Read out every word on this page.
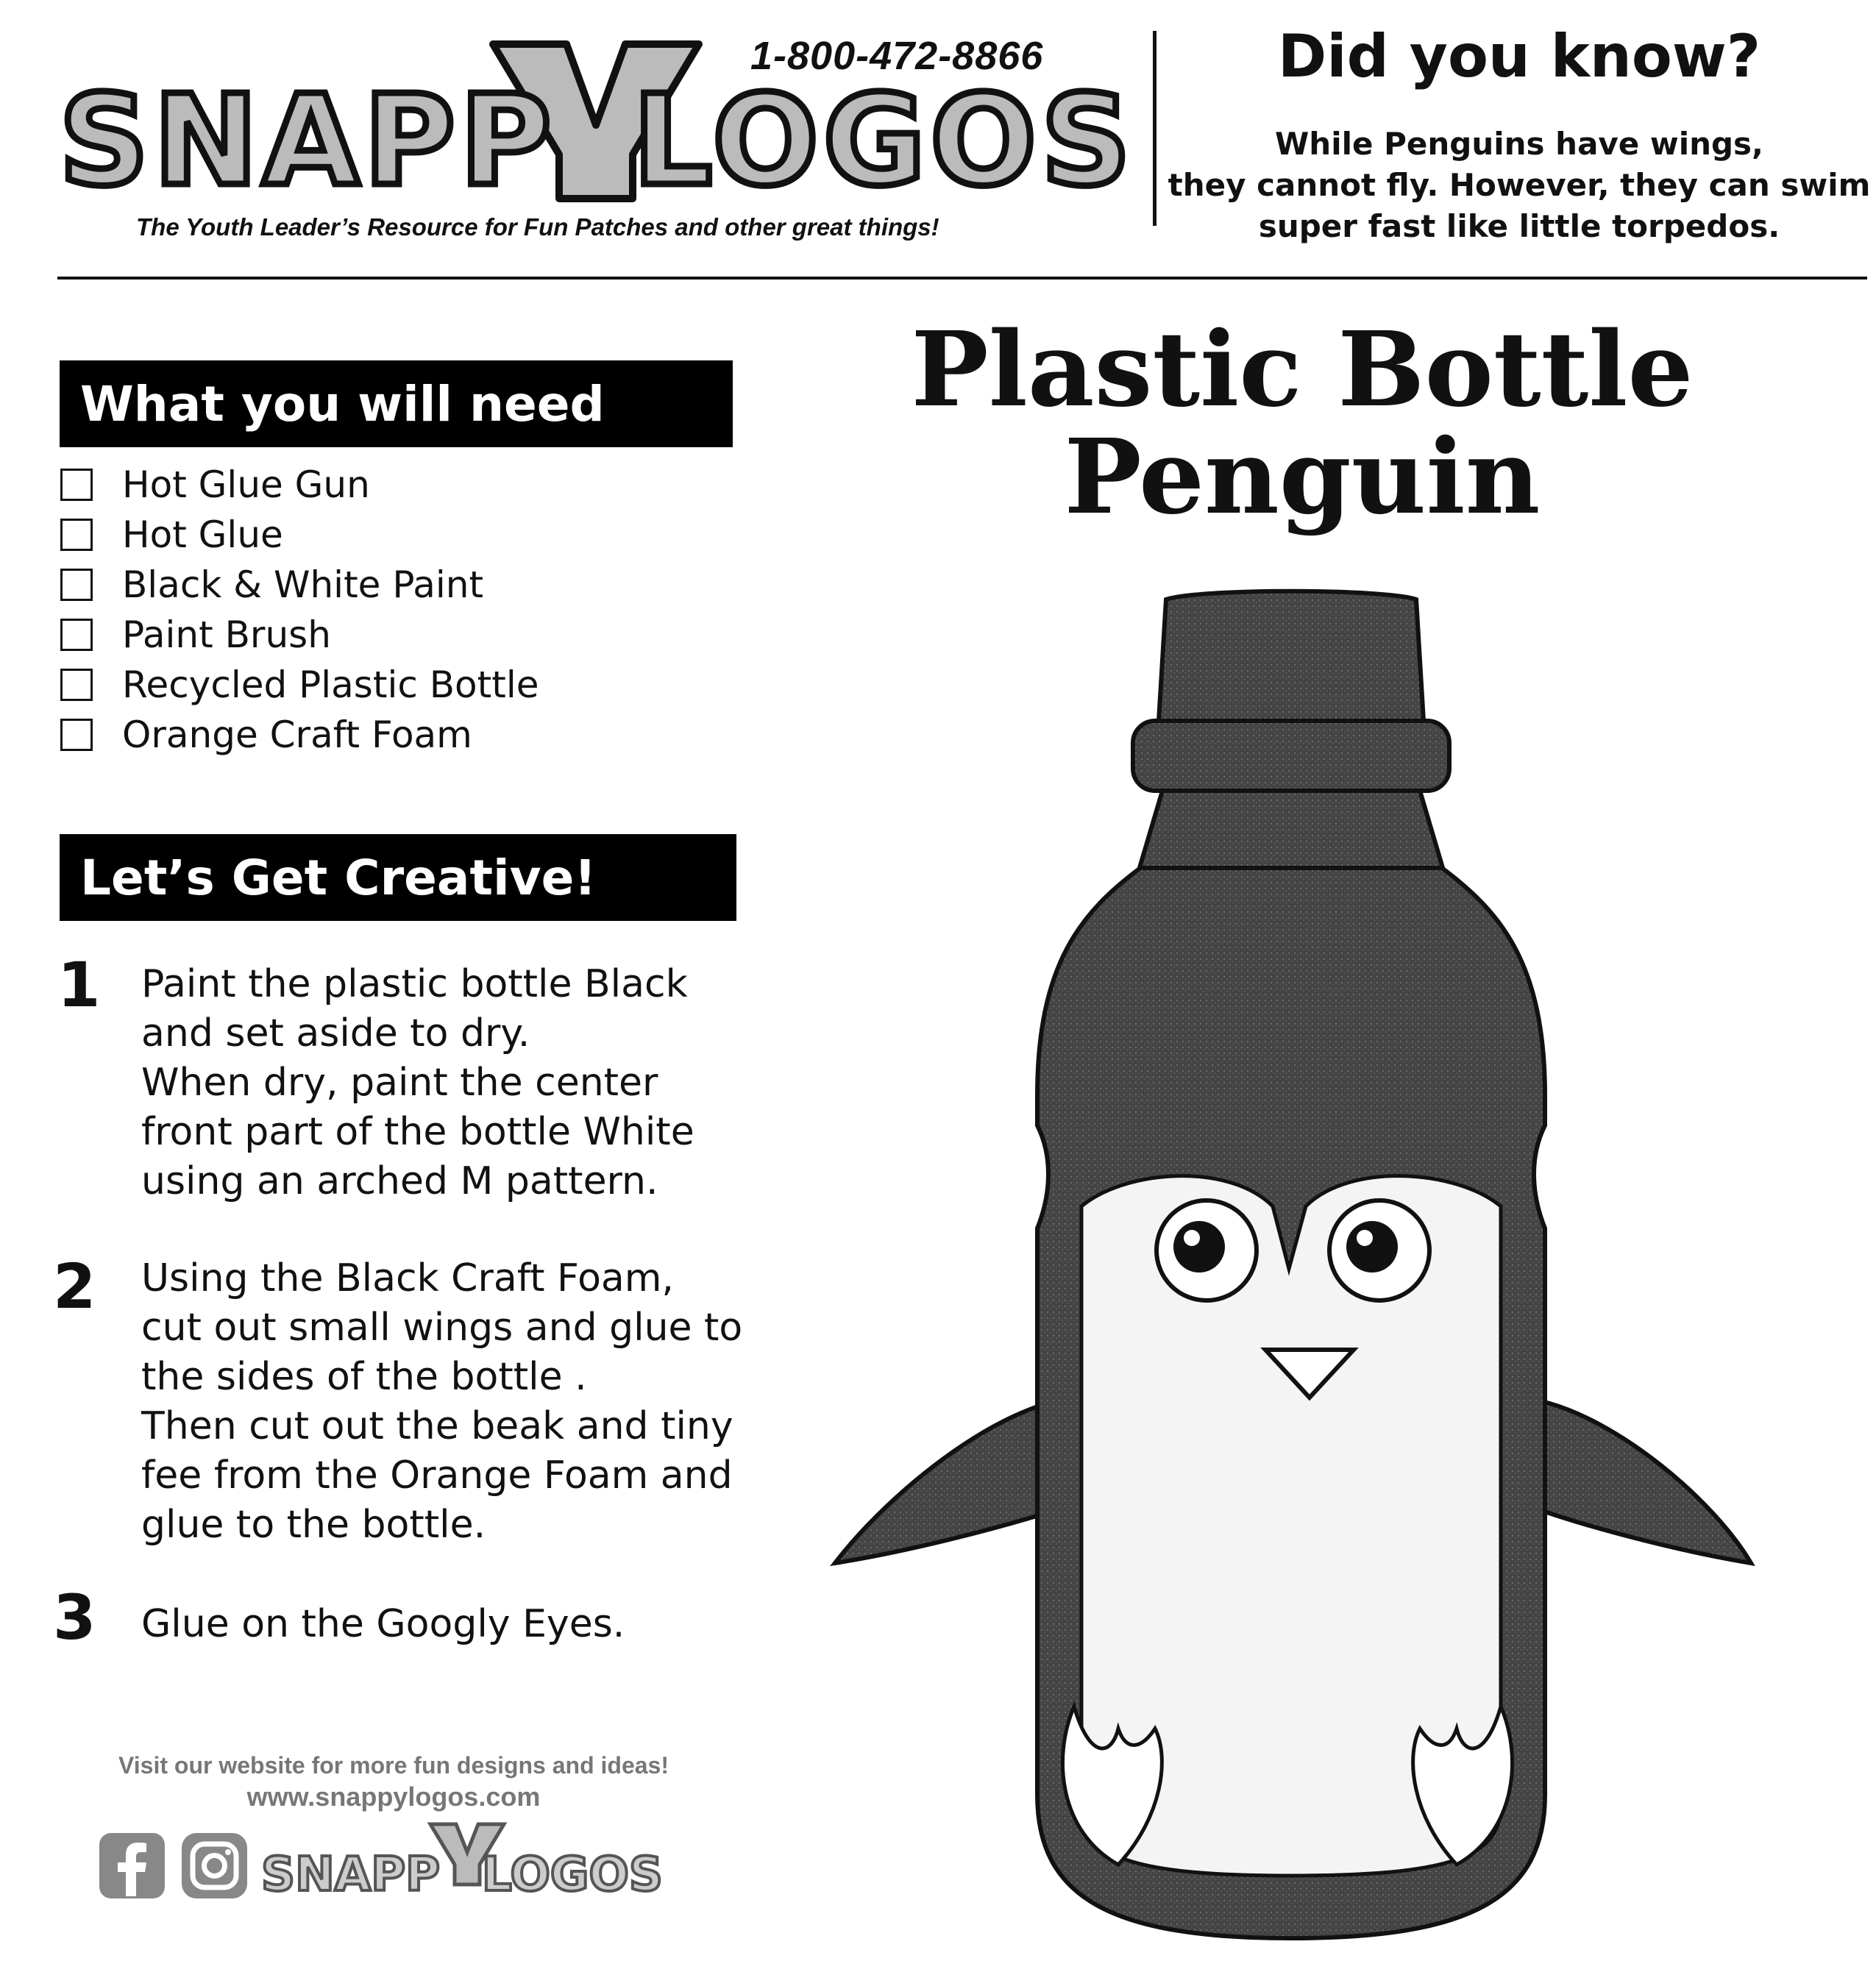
SNAPP LOGOS
1-800-472-8866
The Youth Leader’s Resource for Fun Patches and other great things!
Did you know?
While Penguins have wings,
they cannot fly. However, they can swim
super fast like little torpedos.
What you will need
Hot Glue Gun
Hot Glue
Black & White Paint
Paint Brush
Recycled Plastic Bottle
Orange Craft Foam
Let’s Get Creative!
1	Paint the plastic bottle Black
and set aside to dry.
When dry, paint the center
front part of the bottle White
using an arched M pattern.
2	Using the Black Craft Foam,
cut out small wings and glue to
the sides of the bottle .
Then cut out the beak and tiny
fee from the Orange Foam and
glue to the bottle.
3	Glue on the Googly Eyes.
Visit our website for more fun designs and ideas!
www.snappylogos.com
SNAPP LOGOS
Plastic Bottle
Penguin
